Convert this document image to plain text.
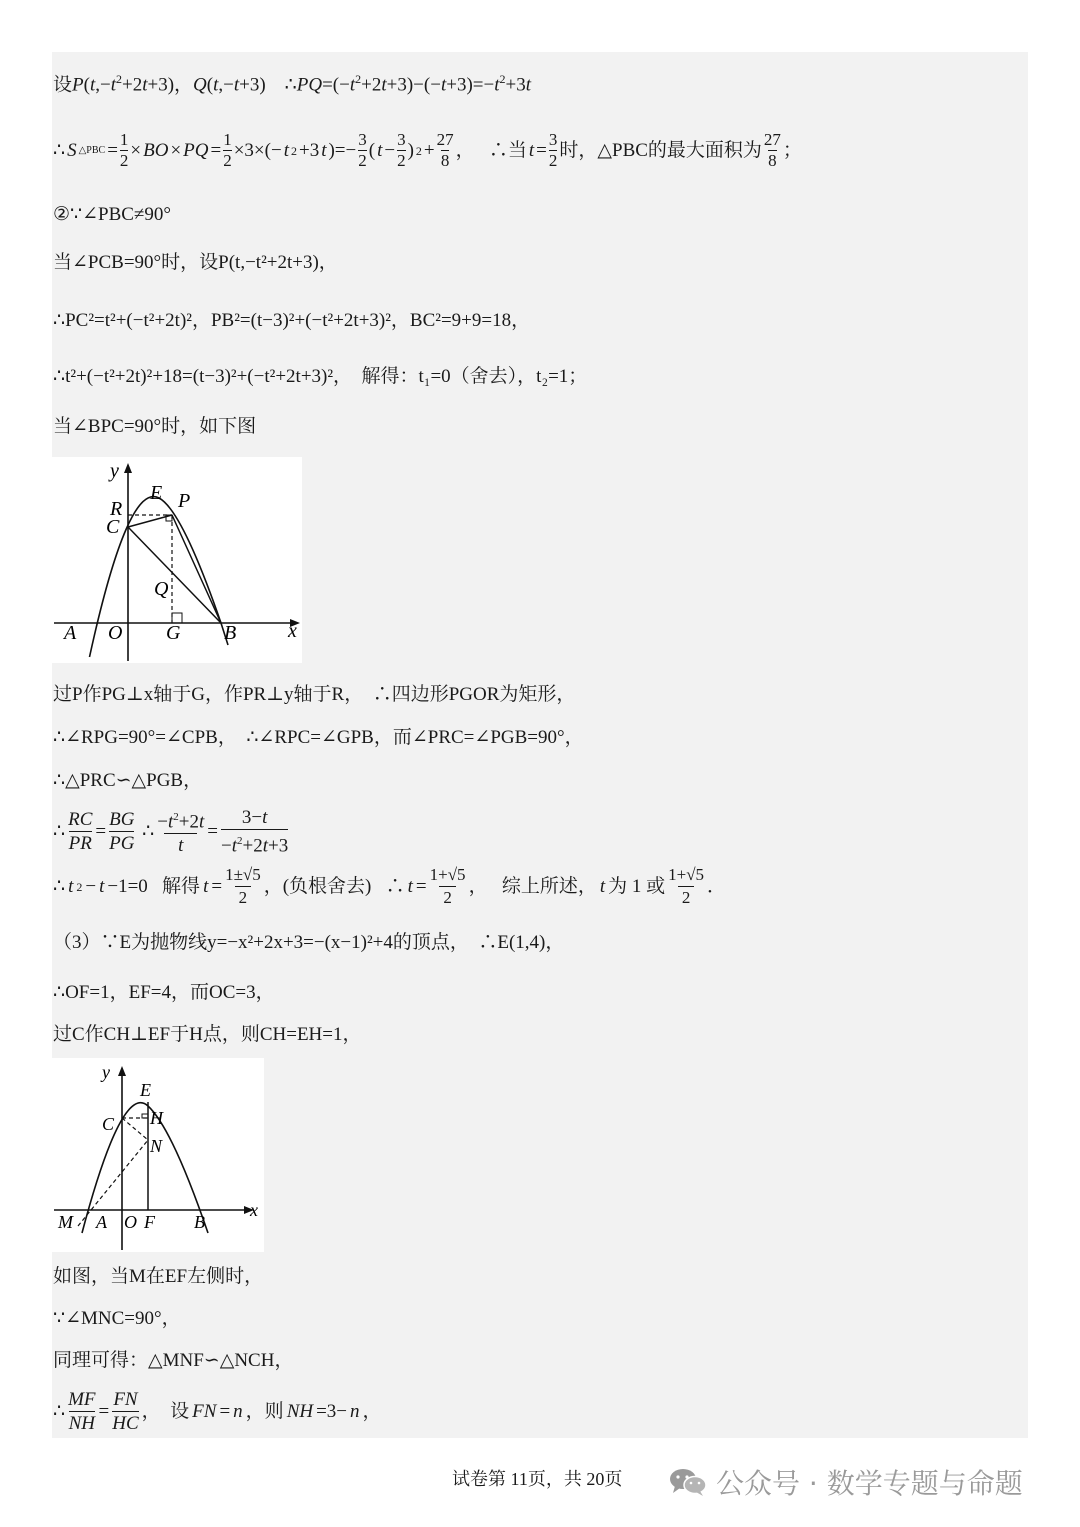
设$P(t,-t^2+2t+3)$，Q(t,−t+3)    $\therefore PQ=(-t^2+2t+3)-(-t+3)=-t^2+3t$
∴ S △PBC = 1
2 × BO × PQ = 1
2 ×3×(− t 2 +3 t )=− 3
2 ( t − 3
2 ) 2 + 27
8 ，   ∴当 t = 3
2 时，△PBC的最大面积为 27
8 ；
②∵∠PBC≠90°
当∠PCB=90°时，设P(t,−t²+2t+3)，
∴PC²=t²+(−t²+2t)²，PB²=(t−3)²+(−t²+2t+3)²，BC²=9+9=18，
∴t²+(−t²+2t)²+18=(t−3)²+(−t²+2t+3)²，　解得：t₁=0（舍去），t₂=1；
当∠BPC=90°时，如下图
y
x
R
E P
C
Q
A O G B
过P作PG⊥x轴于G，作PR⊥y轴于R，　∴四边形PGOR为矩形，
∴∠RPG=90°=∠CPB，　∴∠RPC=∠GPB，而∠PRC=∠PGB=90°，
∴△PRC∽△PGB，
∴
RC
PR
=
BG
PG
∴ $-t^2+2t$
t
=
3−t
$-t^2+2t+3$
∴ t 2 − t −1=0   解得 t =
1±√5
2
，(负根舍去)   ∴ t =
1+√5
2
，   综上所述， t 为 1 或
1+√5
2
．
（3）∵E为抛物线y=−x²+2x+3=−(x−1)²+4的顶点，　∴E(1,4)，
∴OF=1，EF=4，而OC=3，
过C作CH⊥EF于H点，则CH=EH=1，
y
x
E
C H
N
M A O F B
如图，当M在EF左侧时，
∵∠MNC=90°，
同理可得：△MNF∽△NCH，
∴
MF
NH
=
FN
HC
，  设 FN = n ，则 NH =3− n ，
试卷第 11页，共 20页	公众号 · 数学专题与命题
